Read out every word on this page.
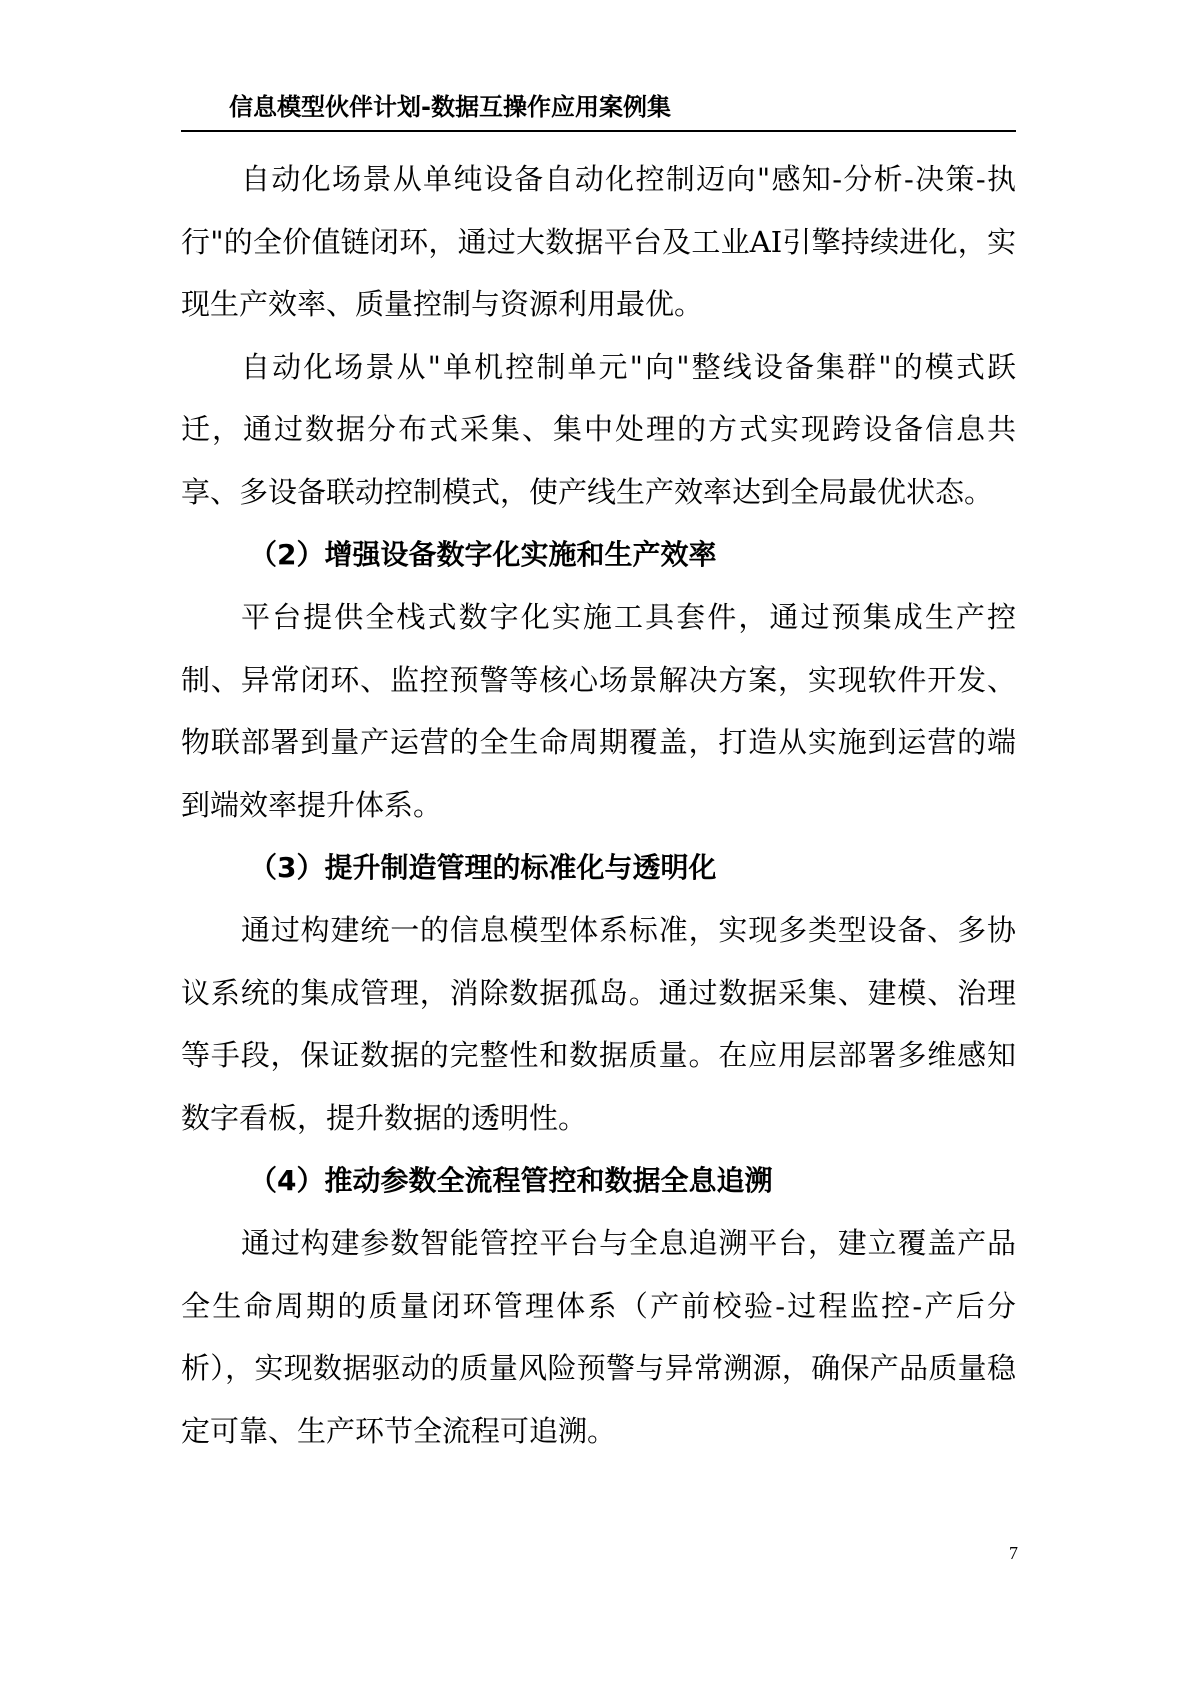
信息模型伙伴计划-数据互操作应用案例集

自动化场景从单纯设备自动化控制迈向"感知-分析-决策-执行"的全价值链闭环，通过大数据平台及工业AI引擎持续进化，实现生产效率、质量控制与资源利用最优。

自动化场景从"单机控制单元"向"整线设备集群"的模式跃迁，通过数据分布式采集、集中处理的方式实现跨设备信息共享、多设备联动控制模式，使产线生产效率达到全局最优状态。

（2）增强设备数字化实施和生产效率

平台提供全栈式数字化实施工具套件，通过预集成生产控制、异常闭环、监控预警等核心场景解决方案，实现软件开发、物联部署到量产运营的全生命周期覆盖，打造从实施到运营的端到端效率提升体系。

（3）提升制造管理的标准化与透明化

通过构建统一的信息模型体系标准，实现多类型设备、多协议系统的集成管理，消除数据孤岛。通过数据采集、建模、治理等手段，保证数据的完整性和数据质量。在应用层部署多维感知数字看板，提升数据的透明性。

（4）推动参数全流程管控和数据全息追溯

通过构建参数智能管控平台与全息追溯平台，建立覆盖产品全生命周期的质量闭环管理体系（产前校验-过程监控-产后分析），实现数据驱动的质量风险预警与异常溯源，确保产品质量稳定可靠、生产环节全流程可追溯。

7
